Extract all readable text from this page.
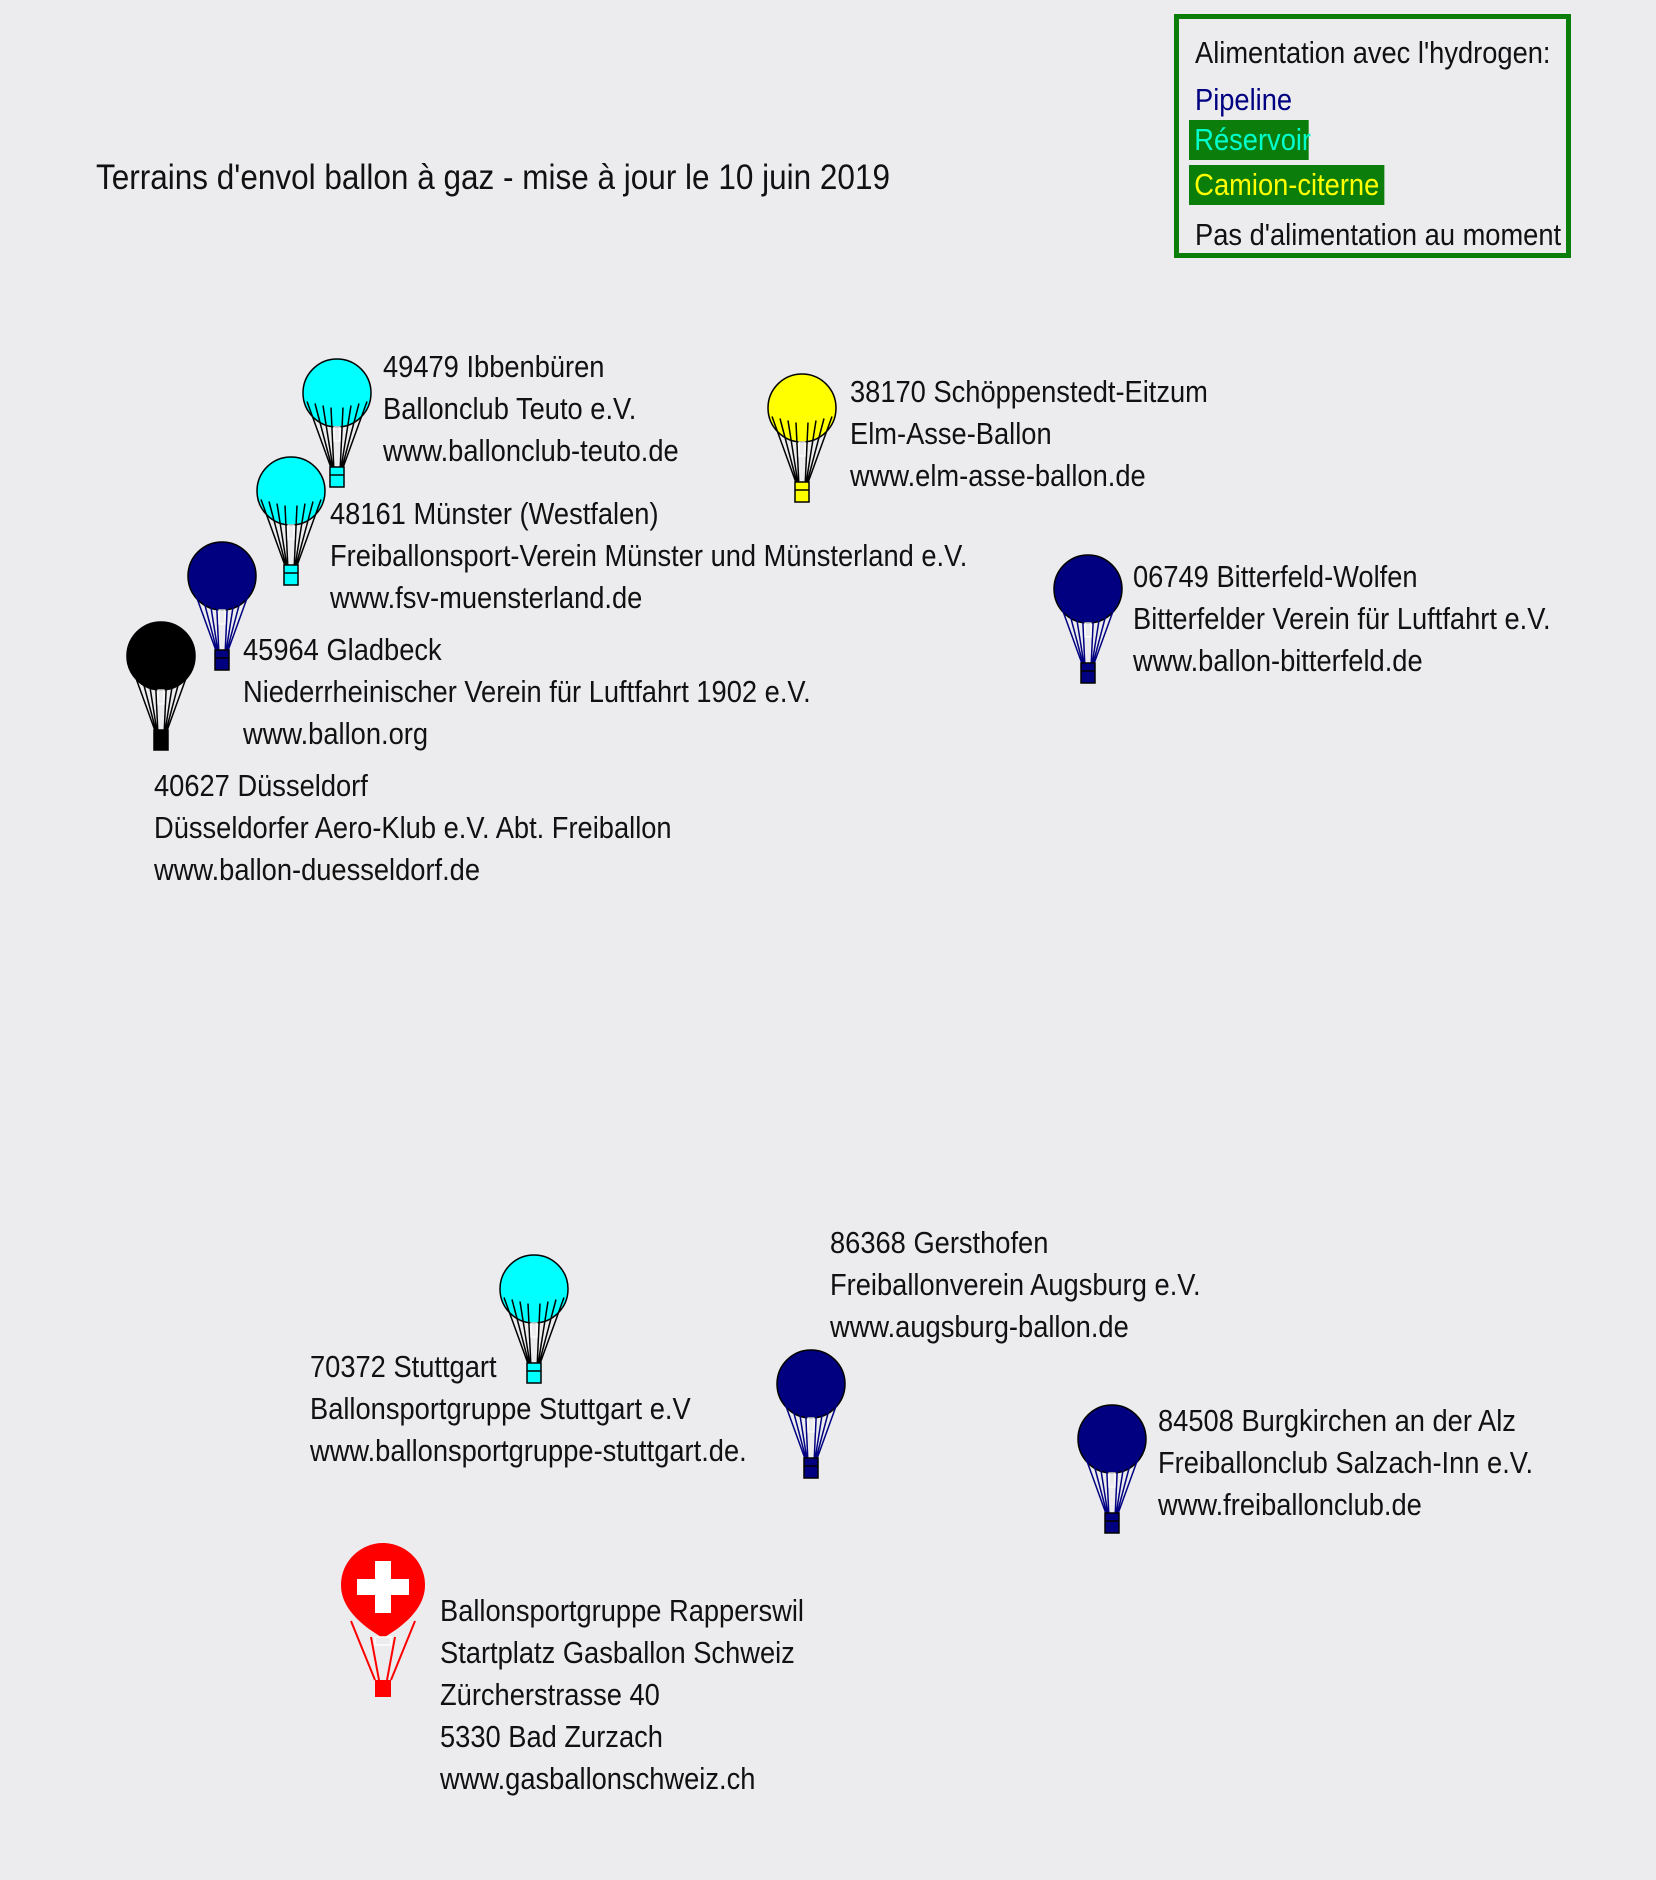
Terrains d'envol ballon à gaz - mise à jour le 10 juin 2019
Alimentation avec l'hydrogen:
Pipeline
Réservoir
Camion-citerne
Pas d'alimentation au moment
49479 Ibbenbüren
Ballonclub Teuto e.V.
www.ballonclub-teuto.de
38170 Schöppenstedt-Eitzum
Elm-Asse-Ballon
www.elm-asse-ballon.de
48161 Münster (Westfalen)
Freiballonsport-Verein Münster und Münsterland e.V.
www.fsv-muensterland.de
06749 Bitterfeld-Wolfen
Bitterfelder Verein für Luftfahrt e.V.
www.ballon-bitterfeld.de
45964 Gladbeck
Niederrheinischer Verein für Luftfahrt 1902 e.V.
www.ballon.org
40627 Düsseldorf
Düsseldorfer Aero-Klub e.V. Abt. Freiballon
www.ballon-duesseldorf.de
86368 Gersthofen
Freiballonverein Augsburg e.V.
www.augsburg-ballon.de
70372 Stuttgart
Ballonsportgruppe Stuttgart e.V
www.ballonsportgruppe-stuttgart.de.
84508 Burgkirchen an der Alz
Freiballonclub Salzach-Inn e.V.
www.freiballonclub.de
Ballonsportgruppe Rapperswil
Startplatz Gasballon Schweiz
Zürcherstrasse 40
5330 Bad Zurzach
www.gasballonschweiz.ch
